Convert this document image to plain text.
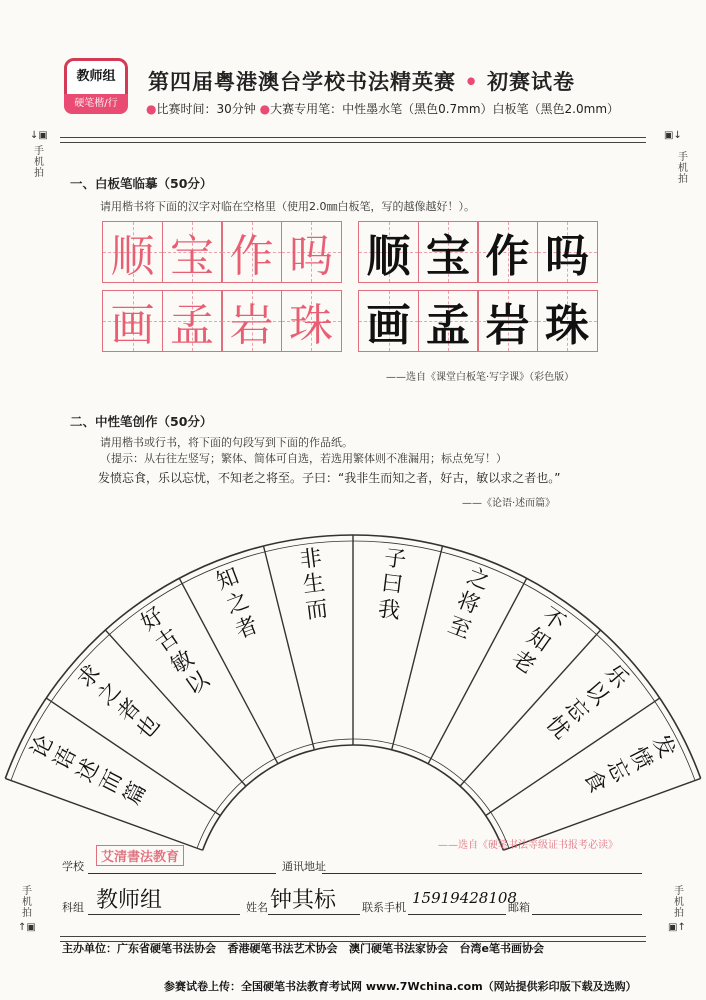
教师组
硬笔楷/行
第四届粤港澳台学校书法精英赛 • 初赛试卷
●比赛时间：30分钟 ●大赛专用笔：中性墨水笔（黑色0.7mm）白板笔（黑色2.0mm）
↓▣
手机拍
▣↓
手机拍
手机拍
↑▣
手机拍
▣↑
一、白板笔临摹（50分）
请用楷书将下面的汉字对临在空格里（使用2.0㎜白板笔，写的越像越好！）。
顺 宝 作 吗 顺 宝 作 吗
画 孟 岩 珠 画 孟 岩 珠
——选自《课堂白板笔·写字课》（彩色版）
二、中性笔创作（50分）
请用楷书或行书，将下面的句段写到下面的作品纸。
（提示：从右往左竖写；繁体、简体可自选，若选用繁体则不准漏用；标点免写！）
发愤忘食，乐以忘忧，不知老之将至。子曰：“我非生而知之者，好古，敏以求之者也。”
——《论语·述而篇》
论
语
述
而
篇
求
之
者
也
好
古
敏
以
知
之
者
非
生
而
子
曰
我
之
将
至	不
知
老	乐
以
忘
忧
发
愤
忘
食
——选自《硬笔书法等级证书报考必读》
艾清書法教育
学校	通讯地址
科组 教师组	姓名 钟其标 联系手机
15919428108
邮箱
主办单位：广东省硬笔书法协会 香港硬笔书法艺术协会 澳门硬笔书法家协会 台湾e笔书画协会
参赛试卷上传：全国硬笔书法教育考试网 www.7Wchina.com（网站提供彩印版下载及选购）
